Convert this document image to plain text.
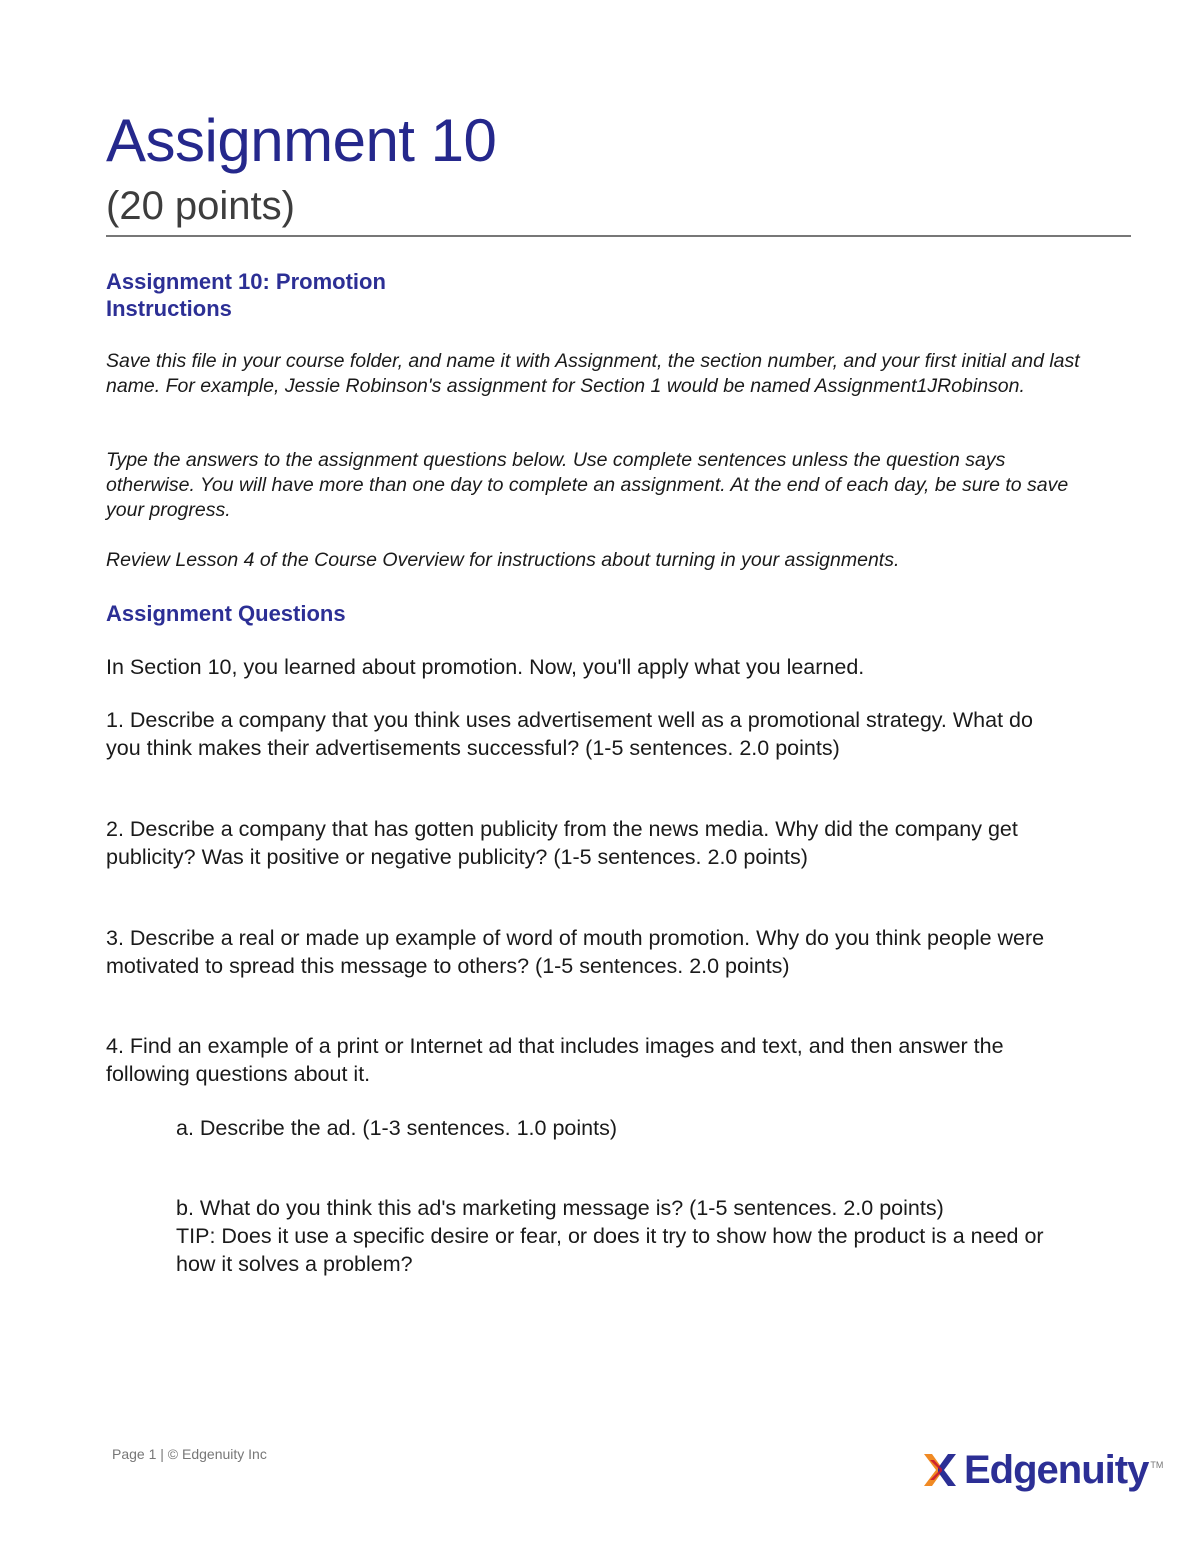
Assignment 10
(20 points)
Assignment 10: Promotion
Instructions

Save this file in your course folder, and name it with Assignment, the section number, and your first initial and last name. For example, Jessie Robinson's assignment for Section 1 would be named Assignment1JRobinson.

Type the answers to the assignment questions below. Use complete sentences unless the question says otherwise. You will have more than one day to complete an assignment. At the end of each day, be sure to save your progress.

Review Lesson 4 of the Course Overview for instructions about turning in your assignments.

Assignment Questions

In Section 10, you learned about promotion. Now, you'll apply what you learned.

1. Describe a company that you think uses advertisement well as a promotional strategy. What do you think makes their advertisements successful? (1-5 sentences. 2.0 points)

2. Describe a company that has gotten publicity from the news media. Why did the company get publicity? Was it positive or negative publicity? (1-5 sentences. 2.0 points)

3. Describe a real or made up example of word of mouth promotion. Why do you think people were motivated to spread this message to others? (1-5 sentences. 2.0 points)

4. Find an example of a print or Internet ad that includes images and text, and then answer the following questions about it.

a. Describe the ad. (1-3 sentences. 1.0 points)

b. What do you think this ad's marketing message is? (1-5 sentences. 2.0 points)

TIP: Does it use a specific desire or fear, or does it try to show how the product is a need or how it solves a problem?

Page 1 | © Edgenuity Inc	Edgenuity TM
